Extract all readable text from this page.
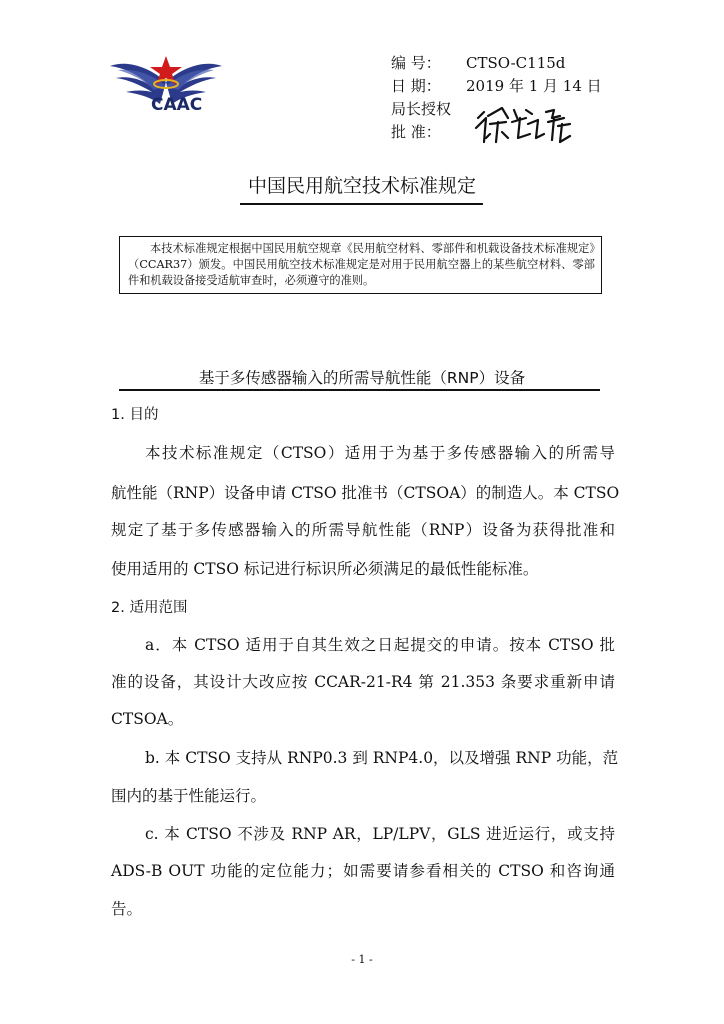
CAAC
编 号：	CTSO-C115d
日 期：	2019 年 1 月 14 日
局长授权
批 准：
中国民用航空技术标准规定
本技术标准规定根据中国民用航空规章《民用航空材料、零部件和机载设备技术标准规定》（CCAR37）颁发。中国民用航空技术标准规定是对用于民用航空器上的某些航空材料、零部件和机载设备接受适航审查时，必须遵守的准则。
基于多传感器输入的所需导航性能（RNP）设备
1. 目的
本技术标准规定（CTSO）适用于为基于多传感器输入的所需导
航性能（RNP）设备申请 CTSO 批准书（CTSOA）的制造人。本 CTSO
规定了基于多传感器输入的所需导航性能（RNP）设备为获得批准和
使用适用的 CTSO 标记进行标识所必须满足的最低性能标准。
2. 适用范围
a．本 CTSO 适用于自其生效之日起提交的申请。按本 CTSO 批
准的设备，其设计大改应按 CCAR-21-R4 第 21.353 条要求重新申请
CTSOA。
b. 本 CTSO 支持从 RNP0.3 到 RNP4.0，以及增强 RNP 功能，范
围内的基于性能运行。
c. 本 CTSO 不涉及 RNP AR，LP/LPV，GLS 进近运行，或支持
ADS-B OUT 功能的定位能力；如需要请参看相关的 CTSO 和咨询通
告。
- 1 -
